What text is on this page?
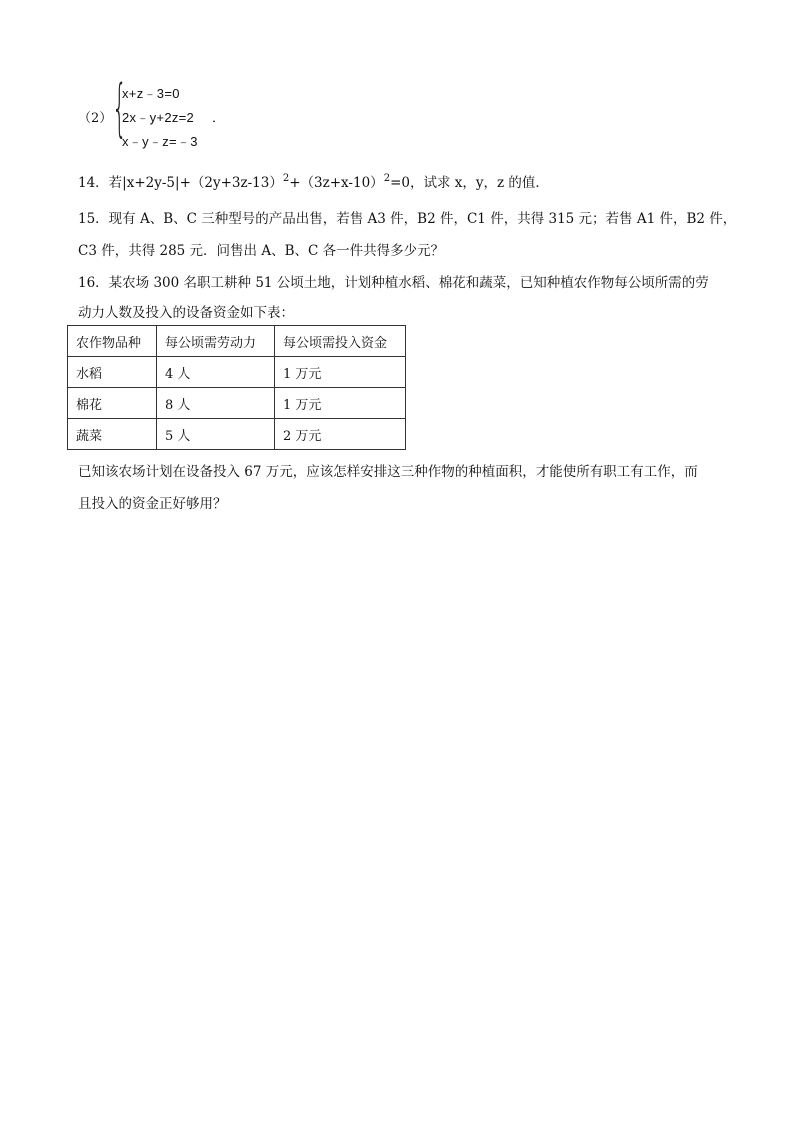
（2） {
x+z﹣3=0
2x﹣y+2z=2
x﹣y﹣z=﹣3
．
14．若$|x+2y-5|+(2y+3z-13)^2+(3z+x-10)^2=0$，试求 x，y，z 的值．
15．现有 A、B、C 三种型号的产品出售，若售 A3 件，B2 件，C1 件，共得 315 元；若售 A1 件，B2 件，
C3 件，共得 285 元．问售出 A、B、C 各一件共得多少元？
16．某农场 300 名职工耕种 51 公顷土地，计划种植水稻、棉花和蔬菜，已知种植农作物每公顷所需的劳
动力人数及投入的设备资金如下表：
农作物品种	每公顷需劳动力	每公顷需投入资金
水稻	4 人	1 万元
棉花	8 人	1 万元
蔬菜	5 人	2 万元
已知该农场计划在设备投入 67 万元，应该怎样安排这三种作物的种植面积，才能使所有职工有工作，而
且投入的资金正好够用？
